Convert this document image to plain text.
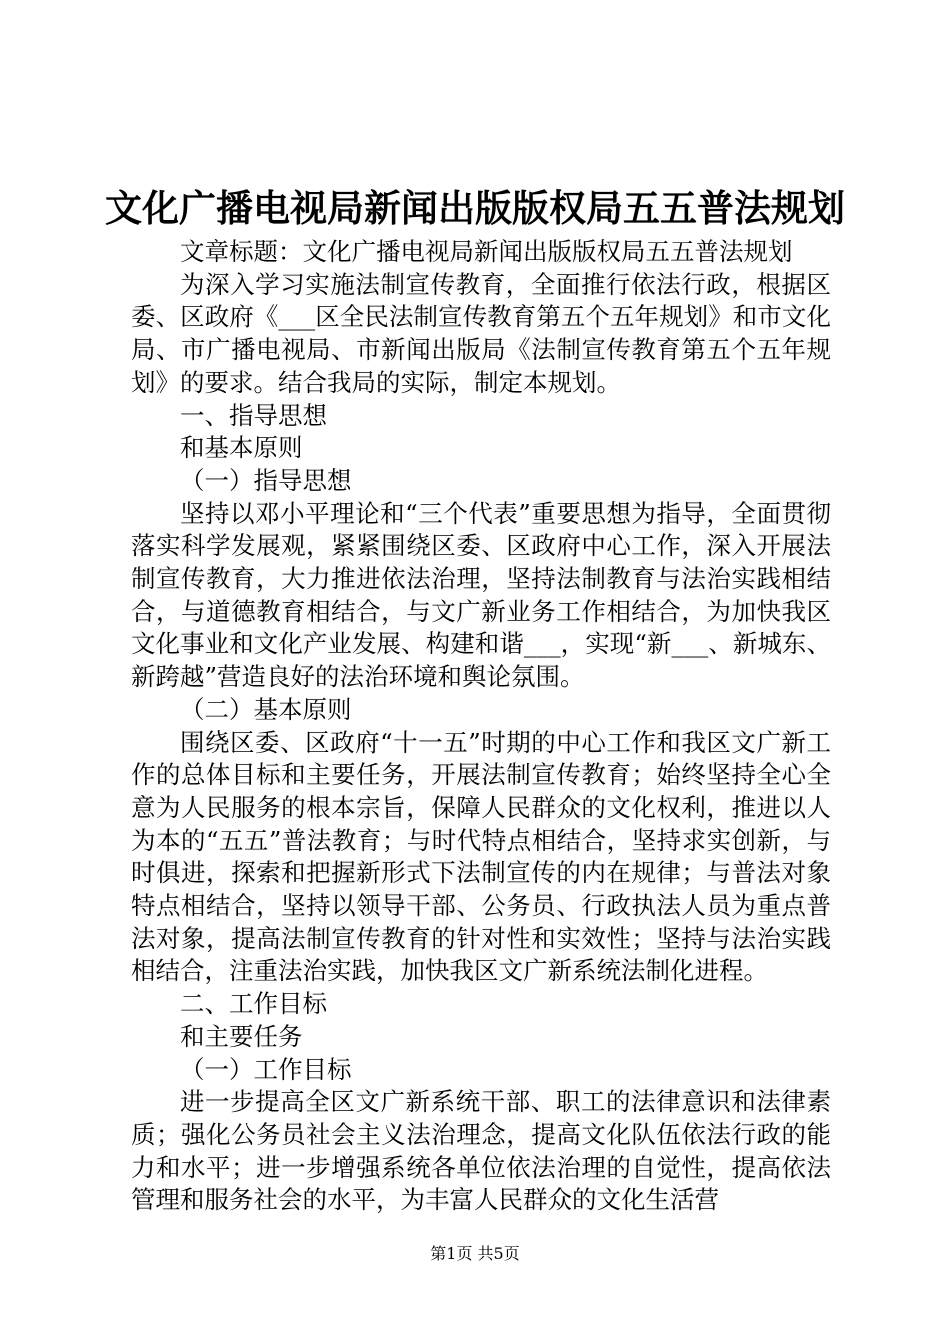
文化广播电视局新闻出版版权局五五普法规划

文章标题：文化广播电视局新闻出版版权局五五普法规划

为深入学习实施法制宣传教育，全面推行依法行政，根据区委、区政府《___区全民法制宣传教育第五个五年规划》和市文化局、市广播电视局、市新闻出版局《法制宣传教育第五个五年规划》的要求。结合我局的实际，制定本规划。

一、指导思想

和基本原则

（一）指导思想

坚持以邓小平理论和“三个代表”重要思想为指导，全面贯彻落实科学发展观，紧紧围绕区委、区政府中心工作，深入开展法制宣传教育，大力推进依法治理，坚持法制教育与法治实践相结合，与道德教育相结合，与文广新业务工作相结合，为加快我区文化事业和文化产业发展、构建和谐___，实现“新___、新城东、新跨越”营造良好的法治环境和舆论氛围。

（二）基本原则

围绕区委、区政府“十一五”时期的中心工作和我区文广新工作的总体目标和主要任务，开展法制宣传教育；始终坚持全心全意为人民服务的根本宗旨，保障人民群众的文化权利，推进以人为本的“五五”普法教育；与时代特点相结合，坚持求实创新，与时俱进，探索和把握新形式下法制宣传的内在规律；与普法对象特点相结合，坚持以领导干部、公务员、行政执法人员为重点普法对象，提高法制宣传教育的针对性和实效性；坚持与法治实践相结合，注重法治实践，加快我区文广新系统法制化进程。

二、工作目标

和主要任务

（一）工作目标

进一步提高全区文广新系统干部、职工的法律意识和法律素质；强化公务员社会主义法治理念，提高文化队伍依法行政的能力和水平；进一步增强系统各单位依法治理的自觉性，提高依法管理和服务社会的水平，为丰富人民群众的文化生活营

第1页 共5页
